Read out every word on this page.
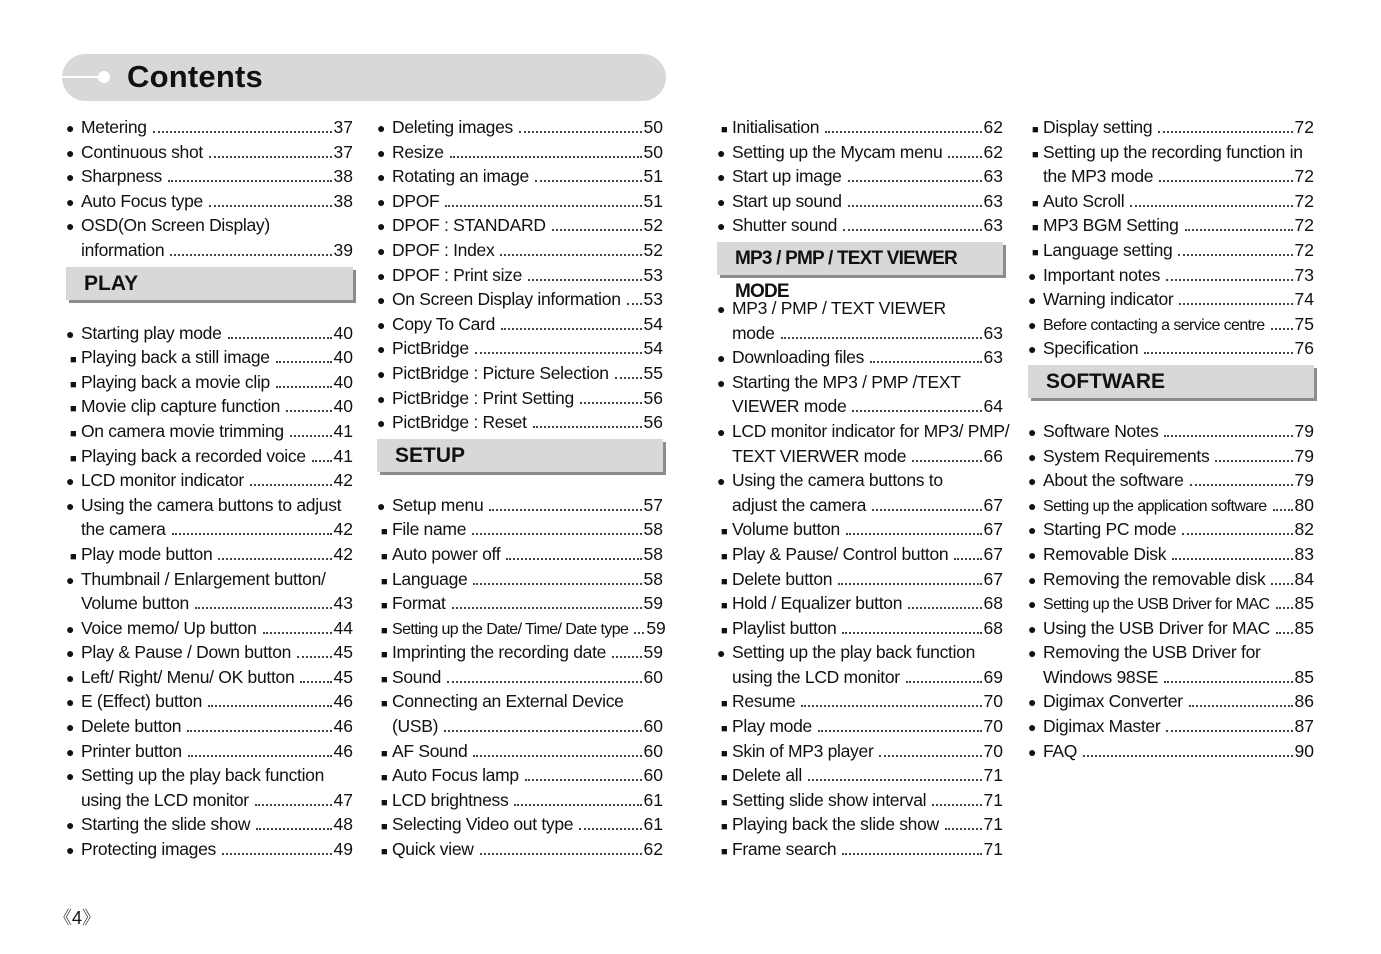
Contents
●
Metering	37
●
Continuous shot	37
●
Sharpness	38
●
Auto Focus type	38
●
OSD(On Screen Display)
information	39
PLAY
●
Starting play mode	40
■
Playing back a still image	40
■
Playing back a movie clip	40
■
Movie clip capture function	40
■
On camera movie trimming	41
■
Playing back a recorded voice 41
●
LCD monitor indicator	42
●
Using the camera buttons to adjust
the camera	42
■
Play mode button	42
●
Thumbnail / Enlargement button/
Volume button	43
●
Voice memo/ Up button	44
●
Play & Pause / Down button 45
●
Left/ Right/ Menu/ OK button 45
●
E (Effect) button	46
●
Delete button	46
●
Printer button	46
●
Setting up the play back function
using the LCD monitor	47
●
Starting the slide show	48
●
Protecting images	49
●
Deleting images	50
●
Resize	50
●
Rotating an image	51
●
DPOF	51
●
DPOF : STANDARD	52
●
DPOF : Index	52
●
DPOF : Print size	53
●
On Screen Display information 53
●
Copy To Card	54
●
PictBridge	54
●
PictBridge : Picture Selection 55
●
PictBridge : Print Setting	56
●
PictBridge : Reset	56
SETUP
●
Setup menu	57
■
File name	58
■
Auto power off	58
■
Language	58
■
Format	59
■
Setting up the Date/ Time/ Date type 59
■
Imprinting the recording date 59
■
Sound	60
■
Connecting an External Device
(USB)	60
■
AF Sound	60
■
Auto Focus lamp	60
■
LCD brightness	61
■
Selecting Video out type	61
■
Quick view	62
■
Initialisation	62
●
Setting up the Mycam menu 62
●
Start up image	63
●
Start up sound	63
●
Shutter sound	63
MP3 / PMP / TEXT VIEWER MODE
●
MP3 / PMP / TEXT VIEWER
mode	63
●
Downloading files	63
●
Starting the MP3 / PMP /TEXT
VIEWER mode	64
●
LCD monitor indicator for MP3/ PMP/
TEXT VIERWER mode	66
●
Using the camera buttons to
adjust the camera	67
■
Volume button	67
■
Play & Pause/ Control button 67
■
Delete button	67
■
Hold / Equalizer button	68
■
Playlist button	68
●
Setting up the play back function
using the LCD monitor	69
■
Resume	70
■
Play mode	70
■
Skin of MP3 player	70
■
Delete all	71
■
Setting slide show interval	71
■
Playing back the slide show	71
■
Frame search	71
■
Display setting	72
■
Setting up the recording function in
the MP3 mode	72
■
Auto Scroll	72
■
MP3 BGM Setting	72
■
Language setting	72
●
Important notes	73
●
Warning indicator	74
●
Before contacting a service centre 75
●
Specification	76
SOFTWARE
●
Software Notes	79
●
System Requirements	79
●
About the software	79
●
Setting up the application software 80
●
Starting PC mode	82
●
Removable Disk	83
●
Removing the removable disk 84
●
Setting up the USB Driver for MAC 85
●
Using the USB Driver for MAC 85
●
Removing the USB Driver for
Windows 98SE	85
●
Digimax Converter	86
●
Digimax Master	87
●
FAQ	90
《4》
